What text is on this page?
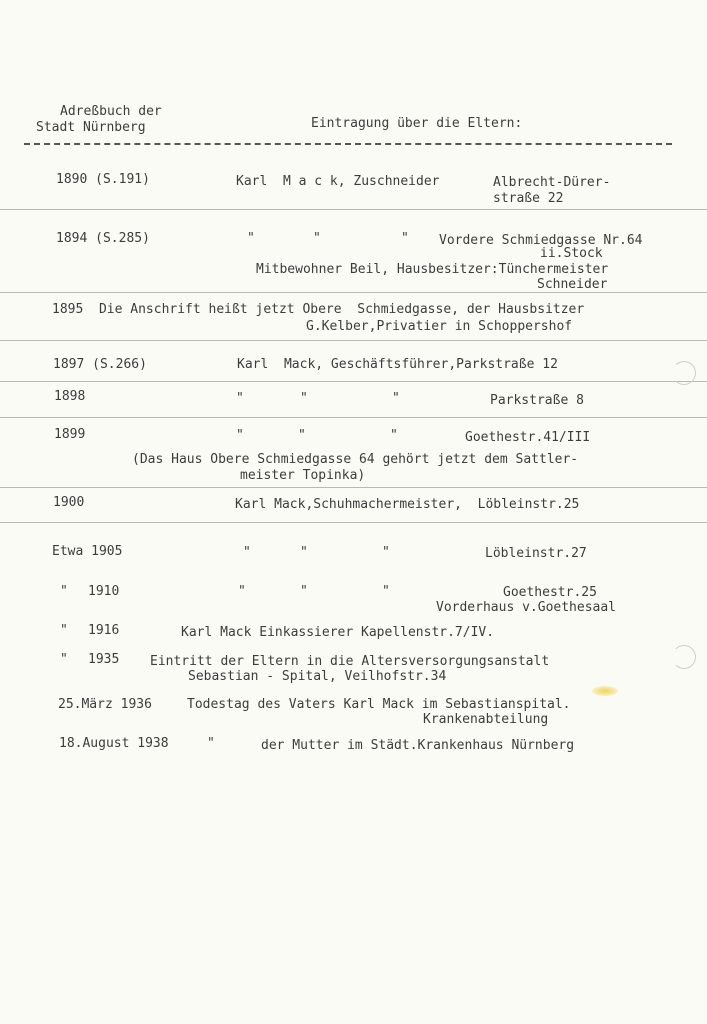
Adreßbuch der
Stadt Nürnberg	Eintragung über die Eltern:
1890 (S.191)	Karl  M a c k, Zuschneider	Albrecht-Dürer-
straße 22
1894 (S.285)	"	"	" Vordere Schmiedgasse Nr.64
ii.Stock
Mitbewohner Beil, Hausbesitzer:Tünchermeister
Schneider
1895  Die Anschrift heißt jetzt Obere  Schmiedgasse, der Hausbsitzer
G.Kelber,Privatier in Schoppershof
1897 (S.266)	Karl  Mack, Geschäftsführer,Parkstraße 12
1898	"	"	"	Parkstraße 8
1899	"	"	"	Goethestr.41/III
(Das Haus Obere Schmiedgasse 64 gehört jetzt dem Sattler-
meister Topinka)
1900	Karl Mack,Schuhmachermeister,  Löbleinstr.25
Etwa 1905	"	"	"	Löbleinstr.27
" 1910	"	"	"	Goethestr.25
Vorderhaus v.Goethesaal
" 1916	Karl Mack Einkassierer Kapellenstr.7/IV.
" 1935 Eintritt der Eltern in die Altersversorgungsanstalt
Sebastian - Spital, Veilhofstr.34
25.März 1936	Todestag des Vaters Karl Mack im Sebastianspital.
Krankenabteilung
18.August 1938	"	der Mutter im Städt.Krankenhaus Nürnberg
